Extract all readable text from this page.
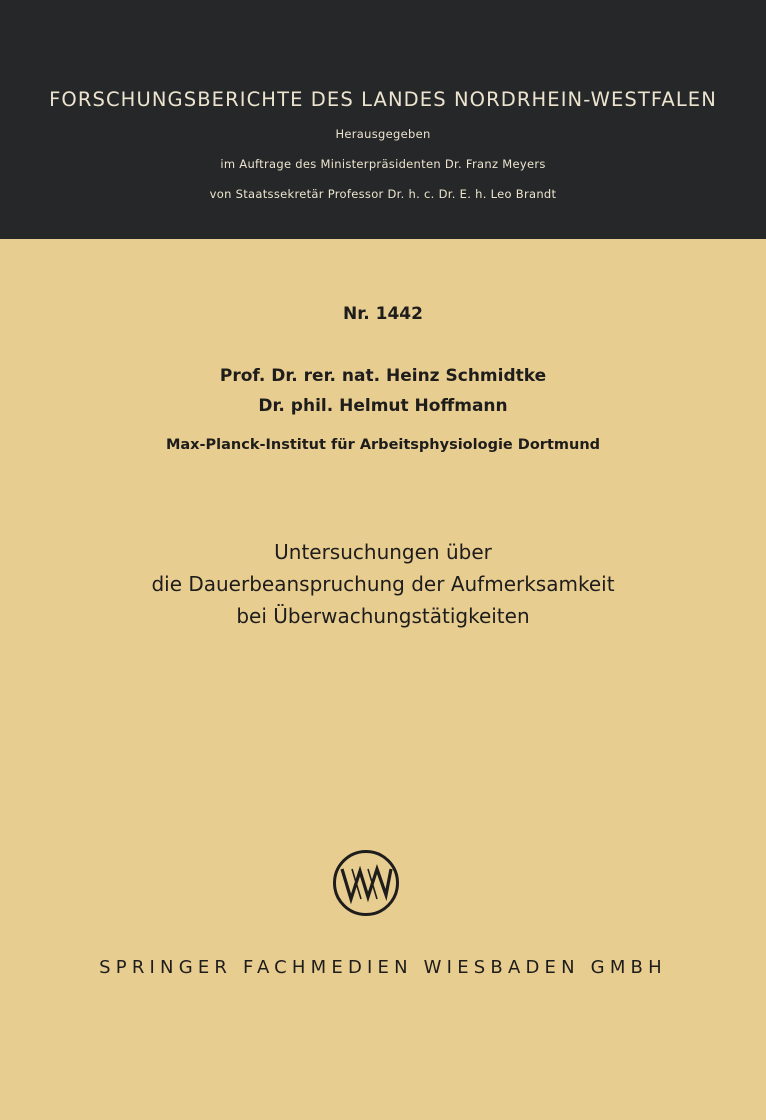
FORSCHUNGSBERICHTE DES LANDES NORDRHEIN-WESTFALEN
Herausgegeben
im Auftrage des Ministerpräsidenten Dr. Franz Meyers
von Staatssekretär Professor Dr. h. c. Dr. E. h. Leo Brandt
Nr. 1442
Prof. Dr. rer. nat. Heinz Schmidtke
Dr. phil. Helmut Hoffmann
Max-Planck-Institut für Arbeitsphysiologie Dortmund
Untersuchungen über
die Dauerbeanspruchung der Aufmerksamkeit
bei Überwachungstätigkeiten
SPRINGER FACHMEDIEN WIESBADEN GMBH
